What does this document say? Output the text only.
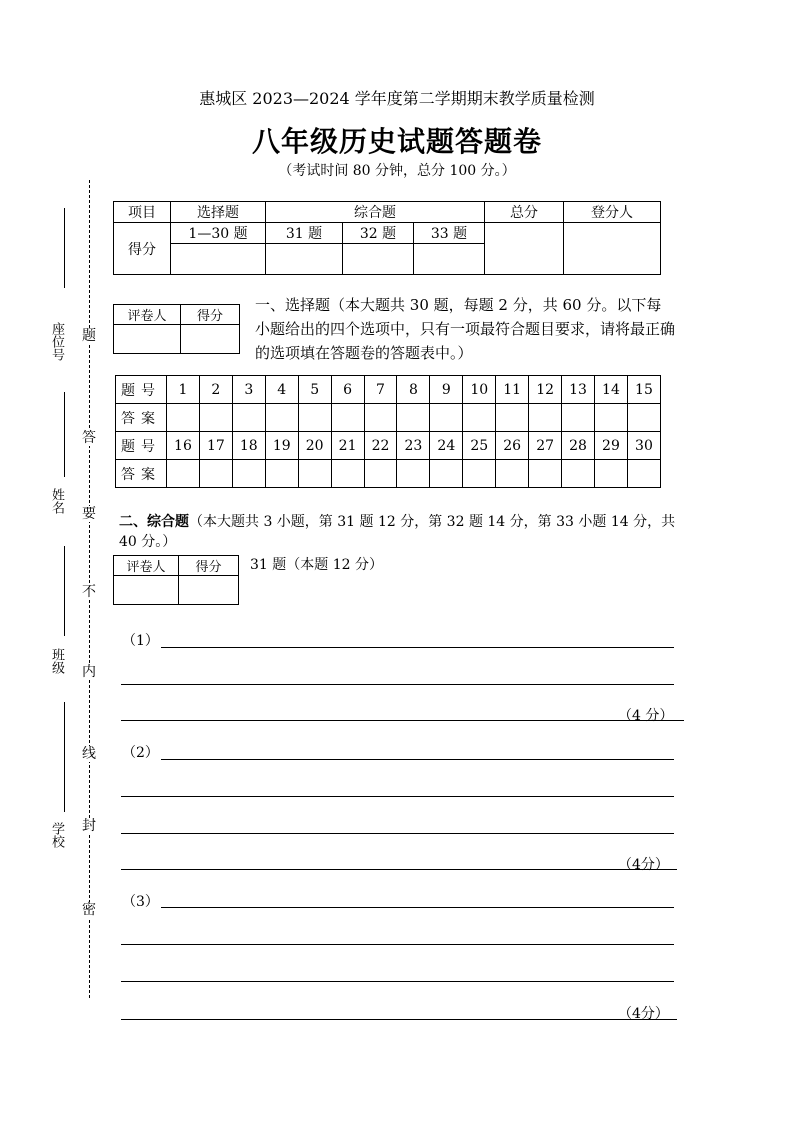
座位号
姓名
班级
学校
题
答
要
不
内
线
封
密
惠城区 2023—2024 学年度第二学期期末教学质量检测
八年级历史试题答题卷
（考试时间 80 分钟，总分 100 分。）
项目	选择题	综合题			总分	登分人
得分	1—30 题	31 题	32 题	33 题		

评卷人	得分

一、选择题（本大题共 30 题，每题 2 分，共 60 分。以下每小题给出的四个选项中，只有一项最符合题目要求，请将最正确的选项填在答题卷的答题表中。）
题号	1	2	3	4	5	6	7	8	9	10	11	12	13	14	15
答案															
题号	16	17	18	19	20	21	22	23	24	25	26	27	28	29	30
答案															
二、综合题（本大题共 3 小题，第 31 题 12 分，第 32 题 14 分，第 33 小题 14 分，共 40 分。）
评卷人	得分
	31 题（本题 12 分）
（1）
（4 分）
（2）
（4分）
（3）
（4分）
